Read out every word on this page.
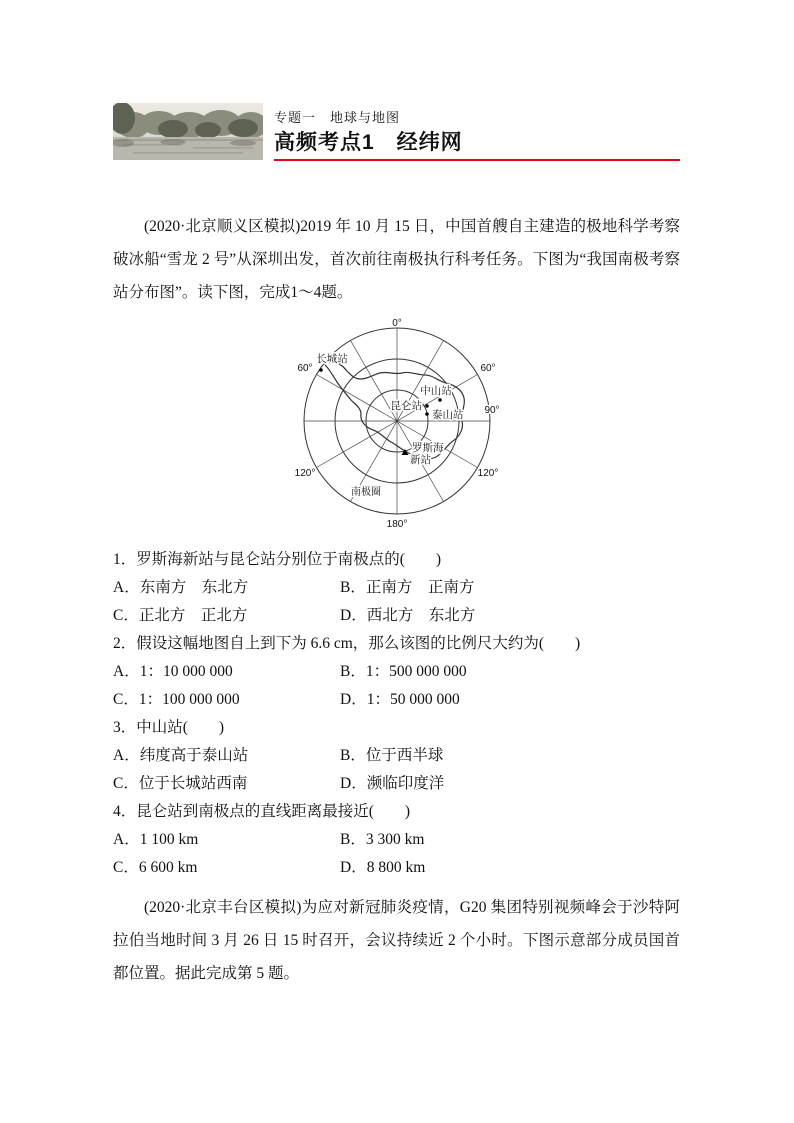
专题一　地球与地图
高频考点1　经纬网

(2020·北京顺义区模拟)2019 年 10 月 15 日，中国首艘自主建造的极地科学考察破冰船“雪龙 2 号”从深圳出发，首次前往南极执行科考任务。下图为“我国南极考察站分布图”。读下图，完成1～4题。

0°
60°	60°
90°
120°	120°
180°
南极圈
长城站
中山站
昆仑站
泰山站
罗斯海
新站
1．罗斯海新站与昆仑站分别位于南极点的(　　)
A．东南方　东北方	B．正南方　正南方
C．正北方　正北方	D．西北方　东北方
2．假设这幅地图自上到下为 6.6 cm，那么该图的比例尺大约为(　　)
A．1：10 000 000	B．1：500 000 000
C．1：100 000 000	D．1：50 000 000
3．中山站(　　)
A．纬度高于泰山站	B．位于西半球
C．位于长城站西南	D．濒临印度洋
4．昆仑站到南极点的直线距离最接近(　　)
A．1 100 km	B．3 300 km
C．6 600 km	D．8 800 km

(2020·北京丰台区模拟)为应对新冠肺炎疫情，G20 集团特别视频峰会于沙特阿拉伯当地时间 3 月 26 日 15 时召开，会议持续近 2 个小时。下图示意部分成员国首都位置。据此完成第 5 题。
